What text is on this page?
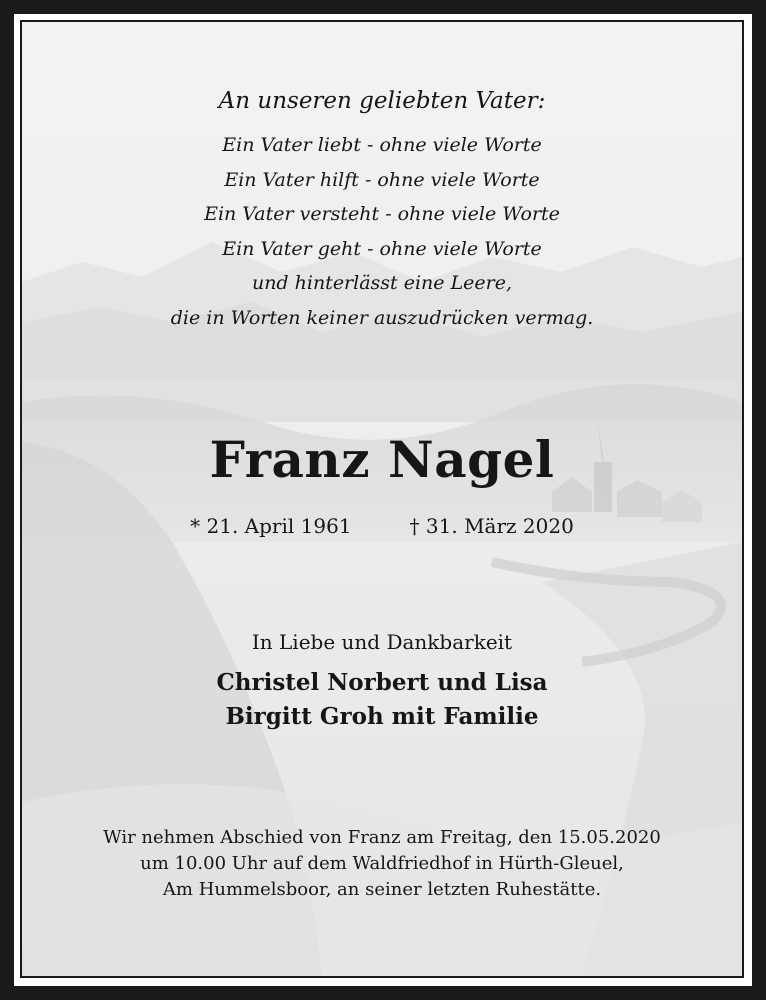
An unseren geliebten Vater:
Ein Vater liebt - ohne viele Worte
Ein Vater hilft - ohne viele Worte
Ein Vater versteht - ohne viele Worte
Ein Vater geht - ohne viele Worte
und hinterlässt eine Leere,
die in Worten keiner auszudrücken vermag.
Franz Nagel
* 21. April 1961	† 31. März 2020
In Liebe und Dankbarkeit
Christel Norbert und Lisa
Birgitt Groh mit Familie
Wir nehmen Abschied von Franz am Freitag, den 15.05.2020
um 10.00 Uhr auf dem Waldfriedhof in Hürth-Gleuel,
Am Hummelsboor, an seiner letzten Ruhestätte.
